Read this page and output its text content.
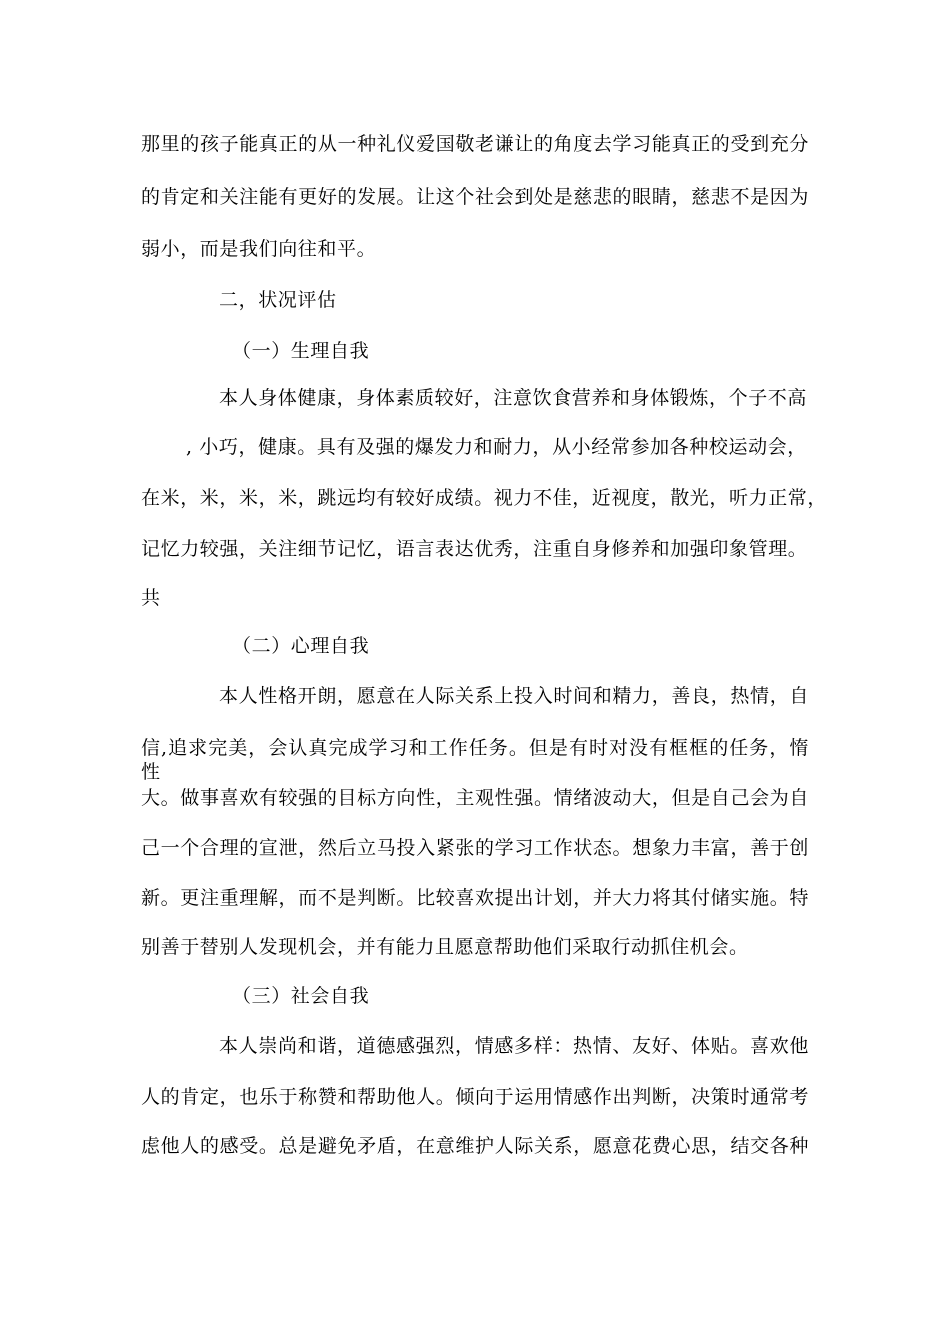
那里的孩子能真正的从一种礼仪爱国敬老谦让的角度去学习能真正的受到充分
的肯定和关注能有更好的发展。让这个社会到处是慈悲的眼睛，慈悲不是因为
弱小，而是我们向往和平。
二，状况评估
（一）生理自我
本人身体健康，身体素质较好，注意饮食营养和身体锻炼，个子不高
, 小巧，健康。具有及强的爆发力和耐力，从小经常参加各种校运动会，
在米，米，米，米，跳远均有较好成绩。视力不佳，近视度，散光，听力正常，
记忆力较强，关注细节记忆，语言表达优秀，注重自身修养和加强印象管理。
共
（二）心理自我
本人性格开朗，愿意在人际关系上投入时间和精力，善良，热情，自
信,追求完美，会认真完成学习和工作任务。但是有时对没有框框的任务，惰性
大。做事喜欢有较强的目标方向性，主观性强。情绪波动大，但是自己会为自
己一个合理的宣泄，然后立马投入紧张的学习工作状态。想象力丰富，善于创
新。更注重理解，而不是判断。比较喜欢提出计划，并大力将其付储实施。特
别善于替别人发现机会，并有能力且愿意帮助他们采取行动抓住机会。
（三）社会自我
本人崇尚和谐，道德感强烈，情感多样：热情、友好、体贴。喜欢他
人的肯定，也乐于称赞和帮助他人。倾向于运用情感作出判断，决策时通常考
虑他人的感受。总是避免矛盾，在意维护人际关系，愿意花费心思，结交各种
